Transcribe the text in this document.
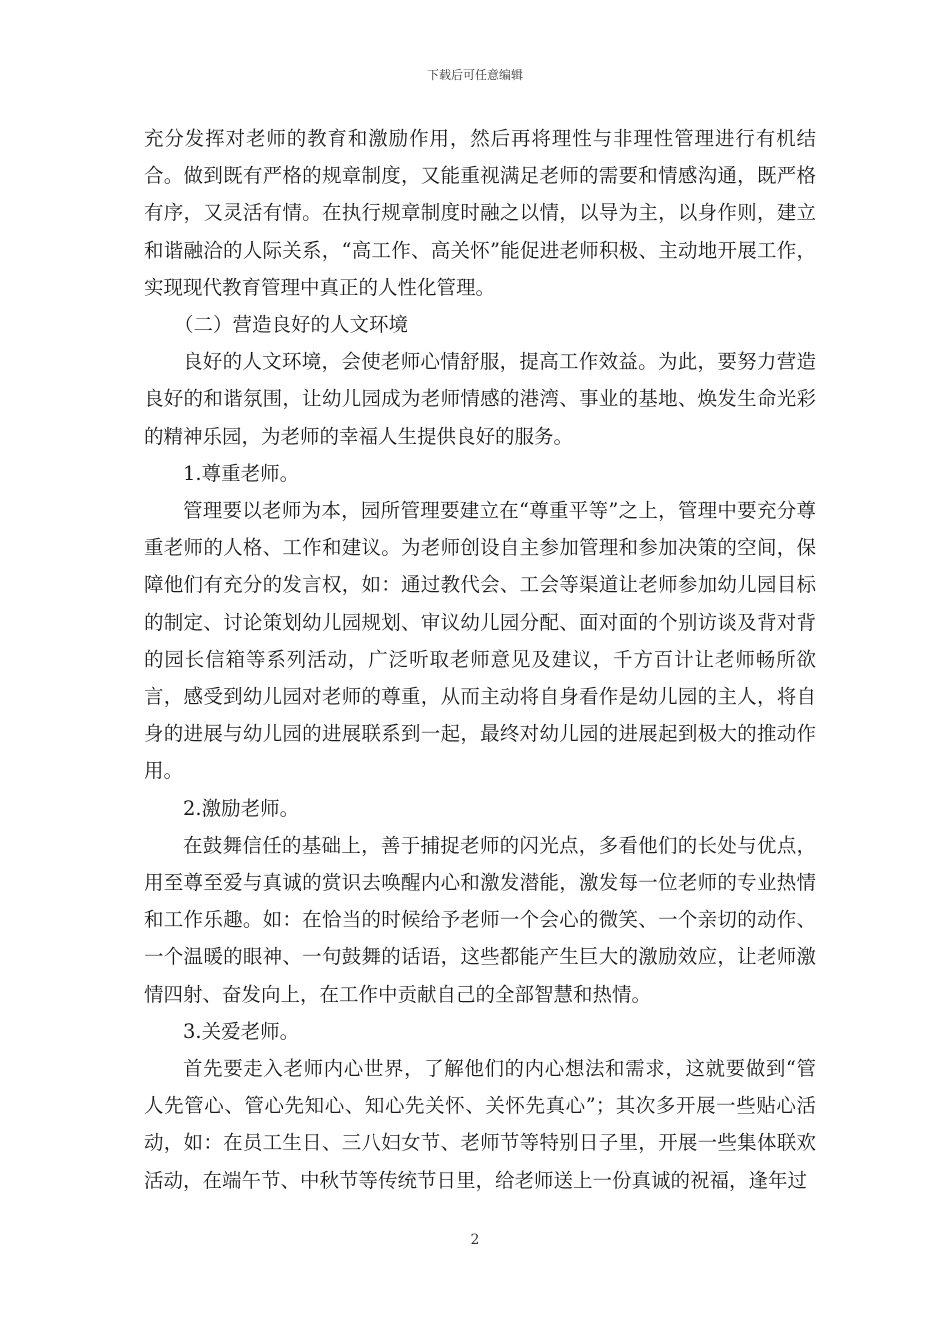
下载后可任意编辑

充分发挥对老师的教育和激励作用，然后再将理性与非理性管理进行有机结合。做到既有严格的规章制度，又能重视满足老师的需要和情感沟通，既严格有序，又灵活有情。在执行规章制度时融之以情，以导为主，以身作则，建立和谐融洽的人际关系，“高工作、高关怀”能促进老师积极、主动地开展工作，实现现代教育管理中真正的人性化管理。

（二）营造良好的人文环境

良好的人文环境，会使老师心情舒服，提高工作效益。为此，要努力营造良好的和谐氛围，让幼儿园成为老师情感的港湾、事业的基地、焕发生命光彩的精神乐园，为老师的幸福人生提供良好的服务。

1.尊重老师。

管理要以老师为本，园所管理要建立在“尊重平等”之上，管理中要充分尊重老师的人格、工作和建议。为老师创设自主参加管理和参加决策的空间，保障他们有充分的发言权，如：通过教代会、工会等渠道让老师参加幼儿园目标的制定、讨论策划幼儿园规划、审议幼儿园分配、面对面的个别访谈及背对背的园长信箱等系列活动，广泛听取老师意见及建议，千方百计让老师畅所欲言，感受到幼儿园对老师的尊重，从而主动将自身看作是幼儿园的主人，将自身的进展与幼儿园的进展联系到一起，最终对幼儿园的进展起到极大的推动作用。

2.激励老师。

在鼓舞信任的基础上，善于捕捉老师的闪光点，多看他们的长处与优点，用至尊至爱与真诚的赏识去唤醒内心和激发潜能，激发每一位老师的专业热情和工作乐趣。如：在恰当的时候给予老师一个会心的微笑、一个亲切的动作、一个温暖的眼神、一句鼓舞的话语，这些都能产生巨大的激励效应，让老师激情四射、奋发向上，在工作中贡献自己的全部智慧和热情。

3.关爱老师。

首先要走入老师内心世界，了解他们的内心想法和需求，这就要做到“管人先管心、管心先知心、知心先关怀、关怀先真心”；其次多开展一些贴心活动，如：在员工生日、三八妇女节、老师节等特别日子里，开展一些集体联欢活动，在端午节、中秋节等传统节日里，给老师送上一份真诚的祝福，逢年过

2
